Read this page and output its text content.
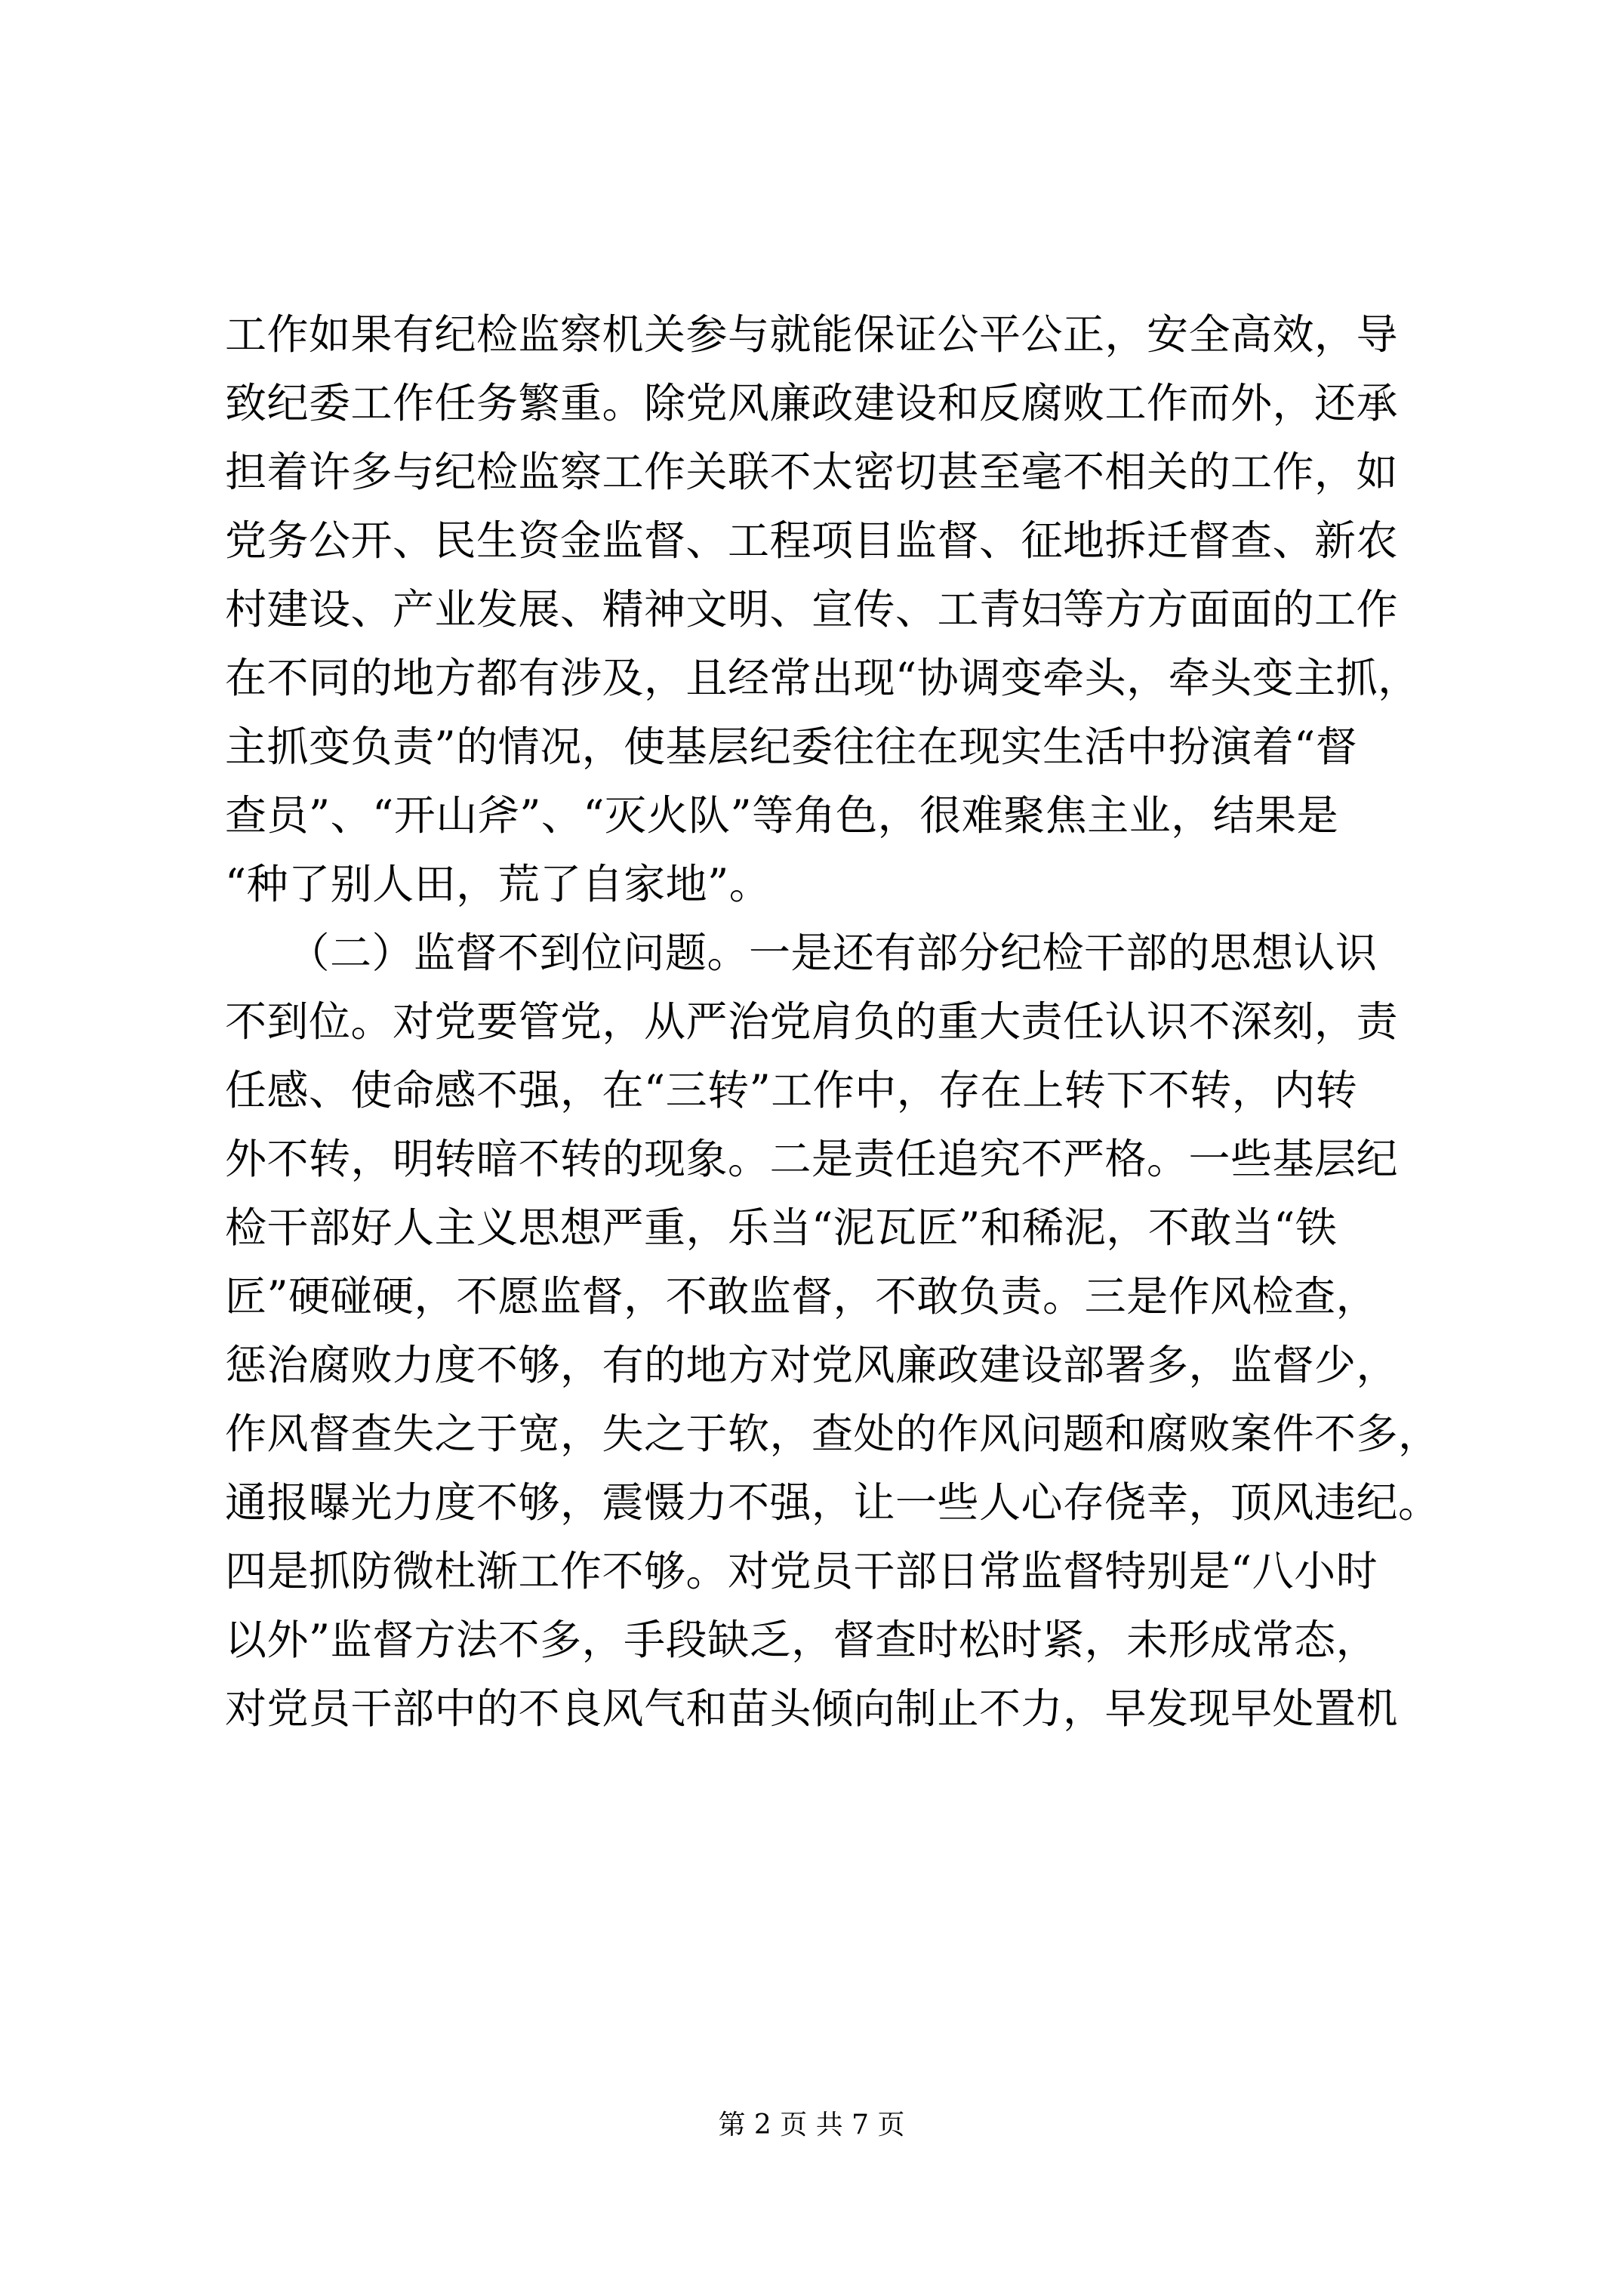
工作如果有纪检监察机关参与就能保证公平公正，安全高效，导
致纪委工作任务繁重。除党风廉政建设和反腐败工作而外，还承
担着许多与纪检监察工作关联不太密切甚至毫不相关的工作，如
党务公开、民生资金监督、工程项目监督、征地拆迁督查、新农
村建设、产业发展、精神文明、宣传、工青妇等方方面面的工作
在不同的地方都有涉及，且经常出现“协调变牵头，牵头变主抓，
主抓变负责”的情况，使基层纪委往往在现实生活中扮演着“督
查员”、“开山斧”、“灭火队”等角色，很难聚焦主业，结果是
“种了别人田，荒了自家地”。
　　（二）监督不到位问题。一是还有部分纪检干部的思想认识
不到位。对党要管党，从严治党肩负的重大责任认识不深刻，责
任感、使命感不强，在“三转”工作中，存在上转下不转，内转
外不转，明转暗不转的现象。二是责任追究不严格。一些基层纪
检干部好人主义思想严重，乐当“泥瓦匠”和稀泥，不敢当“铁
匠”硬碰硬，不愿监督，不敢监督，不敢负责。三是作风检查，
惩治腐败力度不够，有的地方对党风廉政建设部署多，监督少，
作风督查失之于宽，失之于软，查处的作风问题和腐败案件不多，
通报曝光力度不够，震慑力不强，让一些人心存侥幸，顶风违纪。
四是抓防微杜渐工作不够。对党员干部日常监督特别是“八小时
以外”监督方法不多，手段缺乏，督查时松时紧，未形成常态，
对党员干部中的不良风气和苗头倾向制止不力，早发现早处置机
第 2 页 共 7 页
